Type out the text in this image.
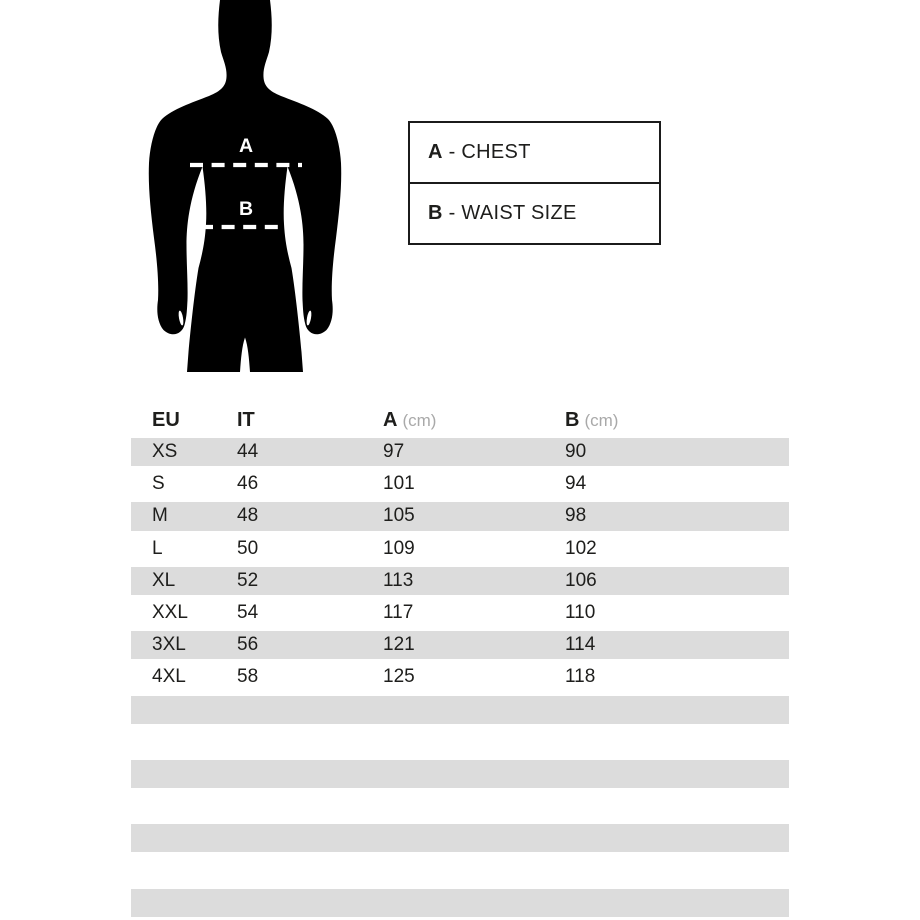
A
B
A - CHEST
B - WAIST SIZE
EU	IT	A (cm)	B (cm)
XS	44	97	90
S	46	101	94
M	48	105	98
L	50	109	102
XL	52	113	106
XXL	54	117	110
3XL	56	121	114
4XL	58	125	118
